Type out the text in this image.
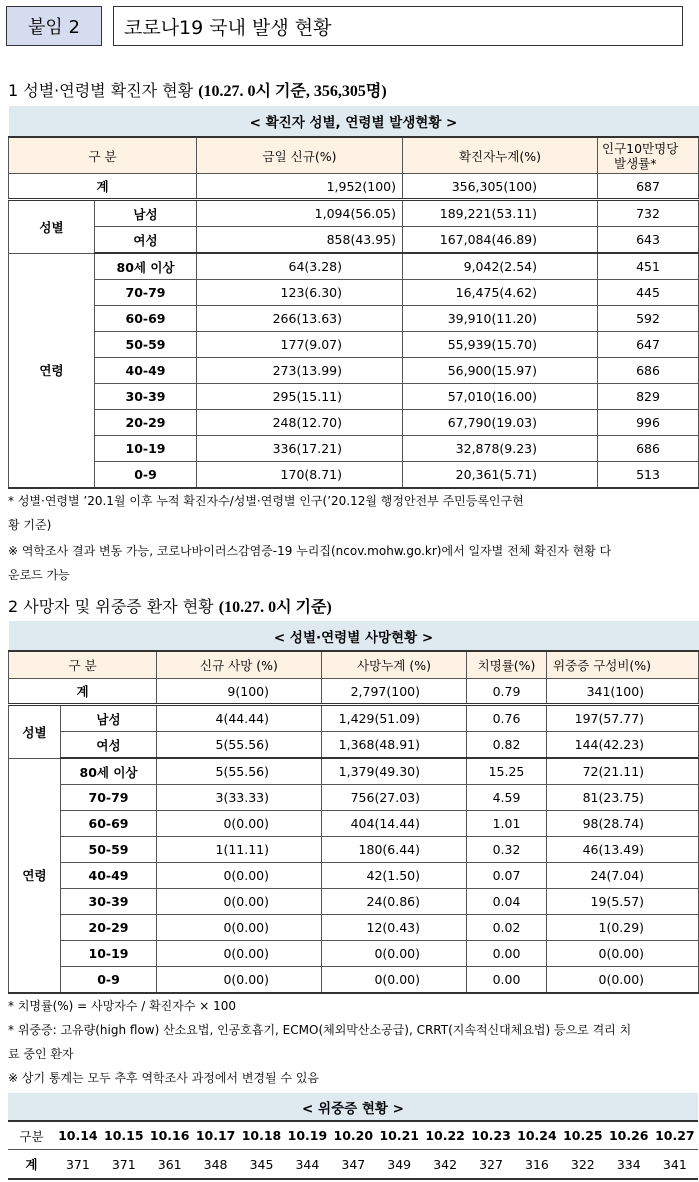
붙임 2 코로나19 국내 발생 현황
1 성별·연령별 확진자 현황 (10.27. 0시 기준, 356,305명)
< 확진자 성별, 연령별 발생현황 >				
구 분		금일 신규(%)	확진자누계(%)	인구10만명당
발생률*
계		1,952(100)	356,305(100)	687
성별	남성	1,094(56.05)	189,221(53.11)	732
	여성	858(43.95)	167,084(46.89)	643
연령	80세 이상	64(3.28)	9,042(2.54)	451
	70-79	123(6.30)	16,475(4.62)	445
	60-69	266(13.63)	39,910(11.20)	592
	50-59	177(9.07)	55,939(15.70)	647
	40-49	273(13.99)	56,900(15.97)	686
	30-39	295(15.11)	57,010(16.00)	829
	20-29	248(12.70)	67,790(19.03)	996
	10-19	336(17.21)	32,878(9.23)	686
	0-9	170(8.71)	20,361(5.71)	513
* 성별·연령별 ’20.1월 이후 누적 확진자수/성별·연령별 인구(’20.12월 행정안전부 주민등록인구현
황 기준)
※ 역학조사 결과 변동 가능, 코로나바이러스감염증-19 누리집(ncov.mohw.go.kr)에서 일자별 전체 확진자 현황 다
운로드 가능
2 사망자 및 위중증 환자 현황 (10.27. 0시 기준)
< 성별·연령별 사망현황 >					
구 분		신규 사망 (%)	사망누계 (%)	치명률(%)	위중증 구성비(%)
계		9(100)	2,797(100)	0.79	341(100)
성별	남성	4(44.44)	1,429(51.09)	0.76	197(57.77)
	여성	5(55.56)	1,368(48.91)	0.82	144(42.23)
연령	80세 이상	5(55.56)	1,379(49.30)	15.25	72(21.11)
	70-79	3(33.33)	756(27.03)	4.59	81(23.75)
	60-69	0(0.00)	404(14.44)	1.01	98(28.74)
	50-59	1(11.11)	180(6.44)	0.32	46(13.49)
	40-49	0(0.00)	42(1.50)	0.07	24(7.04)
	30-39	0(0.00)	24(0.86)	0.04	19(5.57)
	20-29	0(0.00)	12(0.43)	0.02	1(0.29)
	10-19	0(0.00)	0(0.00)	0.00	0(0.00)
	0-9	0(0.00)	0(0.00)	0.00	0(0.00)
* 치명률(%) = 사망자수 / 확진자수 × 100
* 위중증: 고유량(high flow) 산소요법, 인공호흡기, ECMO(체외막산소공급), CRRT(지속적신대체요법) 등으로 격리 치
료 중인 환자
※ 상기 통계는 모두 추후 역학조사 과정에서 변경될 수 있음
< 위중증 현황 >														
구분	10.14	10.15	10.16	10.17	10.18	10.19	10.20	10.21	10.22	10.23	10.24	10.25	10.26	10.27
계	371	371	361	348	345	344	347	349	342	327	316	322	334	341
